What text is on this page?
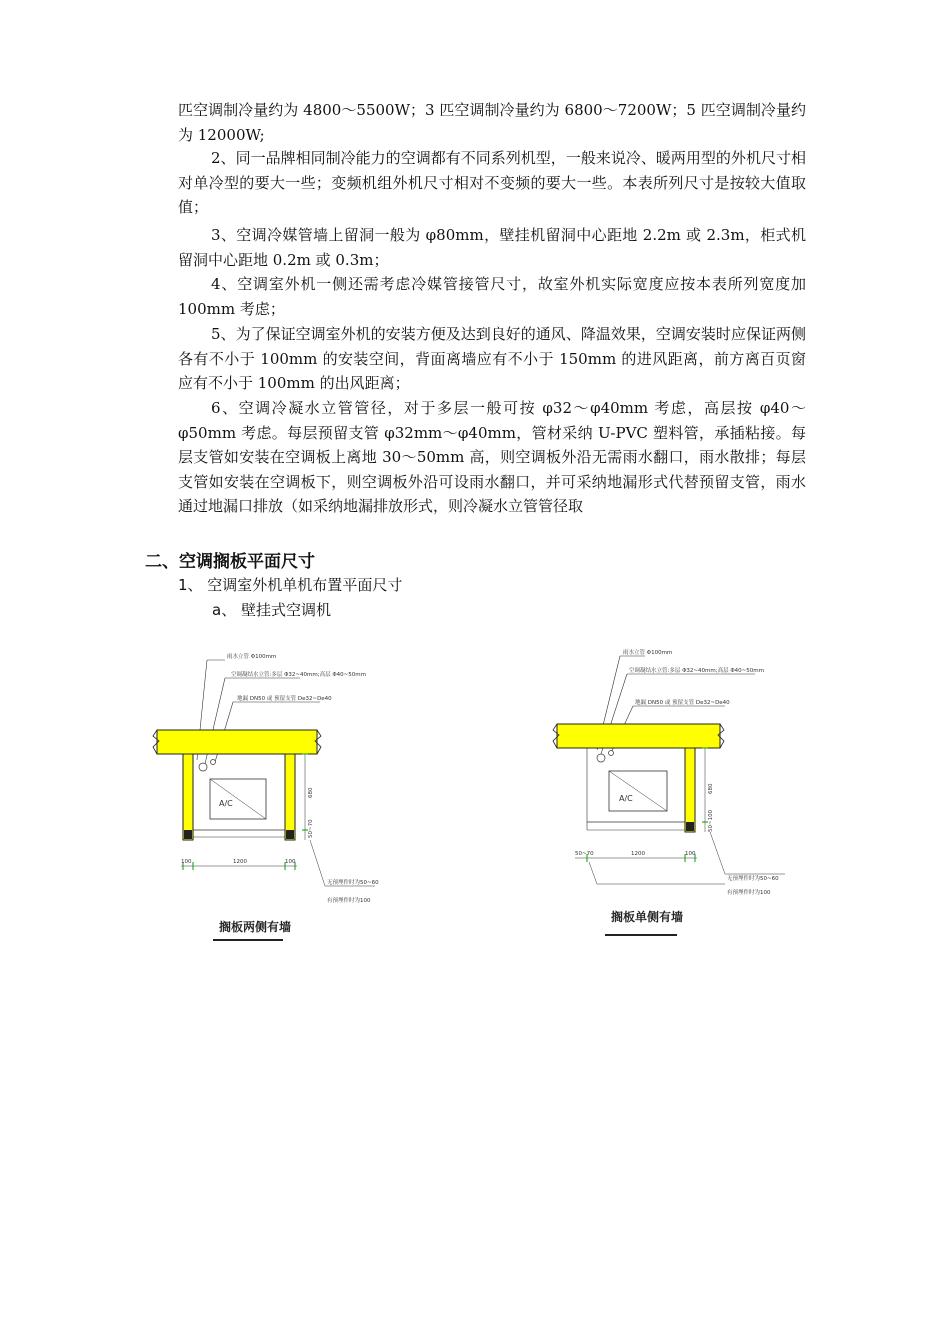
匹空调制冷量约为 4800～5500W；3 匹空调制冷量约为 6800～7200W；5 匹空调制冷量约为 12000W;

2、同一品牌相同制冷能力的空调都有不同系列机型，一般来说冷、暖两用型的外机尺寸相对单冷型的要大一些；变频机组外机尺寸相对不变频的要大一些。本表所列尺寸是按较大值取值；

3、空调冷媒管墙上留洞一般为 φ80mm，壁挂机留洞中心距地 2.2m 或 2.3m，柜式机留洞中心距地 0.2m 或 0.3m；

4、空调室外机一侧还需考虑冷媒管接管尺寸，故室外机实际宽度应按本表所列宽度加 100mm 考虑；

5、为了保证空调室外机的安装方便及达到良好的通风、降温效果，空调安装时应保证两侧各有不小于 100mm 的安装空间，背面离墙应有不小于 150mm 的进风距离，前方离百页窗应有不小于 100mm 的出风距离；

6、空调冷凝水立管管径，对于多层一般可按 φ32～φ40mm 考虑，高层按 φ40～φ50mm 考虑。每层预留支管 φ32mm～φ40mm，管材采纳 U-PVC 塑料管，承插粘接。每层支管如安装在空调板上离地 30～50mm 高，则空调板外沿无需雨水翻口，雨水散排；每层支管如安装在空调板下，则空调板外沿可设雨水翻口，并可采纳地漏形式代替预留支管，雨水通过地漏口排放（如采纳地漏排放形式，则冷凝水立管管径取

二、空调搁板平面尺寸

1、 空调室外机单机布置平面尺寸

a、 壁挂式空调机

雨水立管 Φ100mm
空调凝结水立管:多层 Φ32~40mm;高层 Φ40~50mm
地漏 DN50 或 预留支管 De32~De40
A/C
680
50~70
100	1200	100
无预埋件时为50~60
有预埋件时为100
搁板两侧有墙
雨水立管 Φ100mm
空调凝结水立管:多层 Φ32~40mm;高层 Φ40~50mm
地漏 DN50 或 预留支管 De32~De40
A/C
680
50~100
50~70	1200	100
无预埋件时为50~60
有预埋件时为100
搁板单侧有墙
